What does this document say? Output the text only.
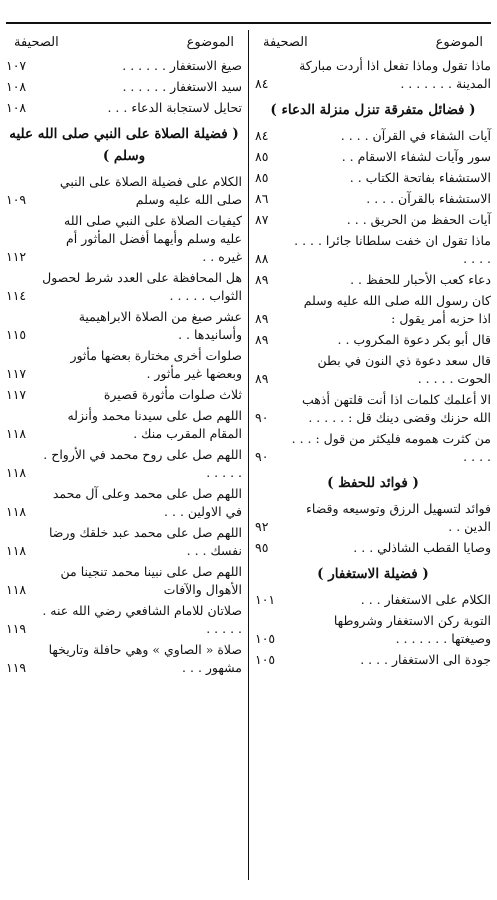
الموضوع
الصحيفة
ماذا تقول وماذا تفعل اذا أردت مباركة المدينة . . . . . . .
٨٤
( فضائل متفرقة تنزل منزلة الدعاء )
آيات الشفاء في القرآن . . . .
٨٤
سور وآيات لشفاء الاسقام . .
٨٥
الاستشفاء بفاتحة الكتاب . .
٨٥
الاستشفاء بالقرآن . . . .
٨٦
آيات الحفظ من الحريق . . .
٨٧
ماذا تقول ان خفت سلطانا جائرا . . . . . . . .
٨٨
دعاء كعب الأحبار للحفظ . .
٨٩
كان رسول الله صلى الله عليه وسلم اذا حزبه أمر يقول :
٨٩
قال أبو بكر دعوة المكروب . .
٨٩
قال سعد دعوة ذي النون في بطن الحوت . . . . .
٨٩
الا أعلمك كلمات اذا أنت قلتهن أذهب الله حزنك وقضى دينك قل : . . . . .
٩٠
من كثرت همومه فليكثر من قول : . . . . . . .
٩٠
( فوائد للحفظ )
فوائد لتسهيل الرزق وتوسيعه وقضاء الدين . .
٩٢
وصايا القطب الشاذلي . . .
٩٥
( فضيلة الاستغفار )
الكلام على الاستغفار . . .
١٠١
التوبة ركن الاستغفار وشروطها وصيغتها . . . . . . .
١٠٥
جودة الى الاستغفار . . . .
١٠٥
الموضوع
الصحيفة
صيغ الاستغفار . . . . . .
١٠٧
سيد الاستغفار . . . . . .
١٠٨
تحايل لاستجابة الدعاء . . .
١٠٨
( فضيلة الصلاة على النبي صلى الله عليه وسلم )
الكلام على فضيلة الصلاة على النبي صلى الله عليه وسلم
١٠٩
كيفيات الصلاة على النبي صلى الله عليه وسلم وأيهما أفضل المأثور أم غيره . .
١١٢
هل المحافظة على العدد شرط لحصول الثواب . . . . .
١١٤
عشر صيغ من الصلاة الابراهيمية وأسانيدها . .
١١٥
صلوات أخرى مختارة بعضها مأثور وبعضها غير مأثور .
١١٧
ثلاث صلوات مأثورة قصيرة
١١٧
اللهم صل على سيدنا محمد وأنزله المقام المقرب منك .
١١٨
اللهم صل على روح محمد في الأرواح . . . . . .
١١٨
اللهم صل على محمد وعلى آل محمد في الاولين . . .
١١٨
اللهم صل على محمد عبد خلقك ورضا نفسك . . .
١١٨
اللهم صل على نبينا محمد تنجينا من الأهوال والآفات
١١٨
صلاتان للامام الشافعي رضي الله عنه . . . . . .
١١٩
صلاة « الصاوي » وهي حافلة وتاريخها مشهور . . .
١١٩
